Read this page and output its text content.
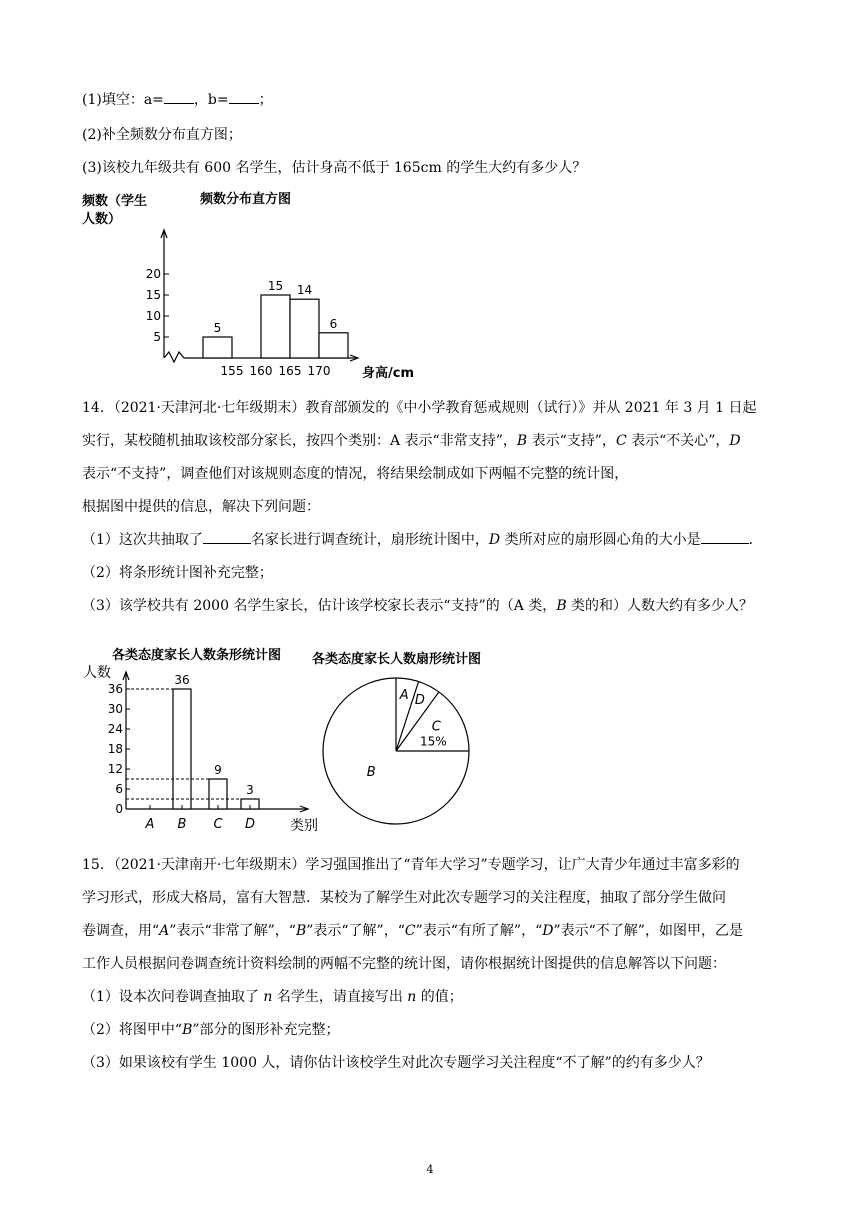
(1)填空：a= ，b= ；
(2)补全频数分布直方图；
(3)该校九年级共有 600 名学生，估计身高不低于 165cm 的学生大约有多少人？
频数（学生
人数）
频数分布直方图
5
10
15
20
5
15 14
6
155 160 165 170 身高/cm
14．（2021·天津河北·七年级期末）教育部颁发的《中小学教育惩戒规则（试行）》并从 2021 年 3 月 1 日起
实行，某校随机抽取该校部分家长，按四个类别：A 表示“非常支持”，B 表示“支持”，C 表示“不关心”，D
表示“不支持”，调查他们对该规则态度的情况，将结果绘制成如下两幅不完整的统计图，
根据图中提供的信息，解决下列问题：
（1）这次共抽取了	名家长进行调查统计，扇形统计图中，D 类所对应的扇形圆心角的大小是	．
（2）将条形统计图补充完整；
（3）该学校共有 2000 名学生家长，估计该学校家长表示“支持”的（A 类，B 类的和）人数大约有多少人？
各类态度家长人数条形统计图
人数
类别
0
6
12
18
24
30
36
36
9
3
A B C D
各类态度家长人数扇形统计图
B
A D
C
15%
15．（2021·天津南开·七年级期末）学习强国推出了“青年大学习”专题学习，让广大青少年通过丰富多彩的
学习形式，形成大格局，富有大智慧．某校为了解学生对此次专题学习的关注程度，抽取了部分学生做问
卷调查，用“A”表示“非常了解”，“B”表示“了解”，“C”表示“有所了解”，“D”表示“不了解”，如图甲，乙是
工作人员根据问卷调查统计资料绘制的两幅不完整的统计图，请你根据统计图提供的信息解答以下问题：
（1）设本次问卷调查抽取了 n 名学生，请直接写出 n 的值；
（2）将图甲中“B”部分的图形补充完整；
（3）如果该校有学生 1000 人，请你估计该校学生对此次专题学习关注程度“不了解”的约有多少人？
4
